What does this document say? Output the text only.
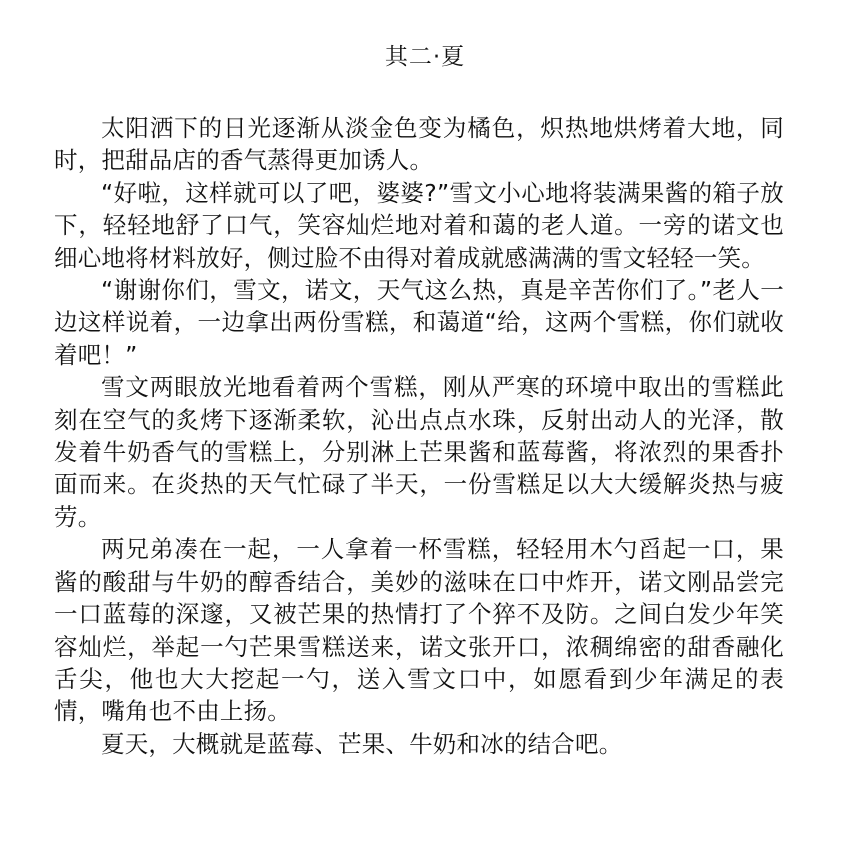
其二·夏

太阳洒下的日光逐渐从淡金色变为橘色，炽热地烘烤着大地，同时，把甜品店的香气蒸得更加诱人。

“好啦，这样就可以了吧，婆婆?”雪文小心地将装满果酱的箱子放下，轻轻地舒了口气，笑容灿烂地对着和蔼的老人道。一旁的诺文也细心地将材料放好，侧过脸不由得对着成就感满满的雪文轻轻一笑。

“谢谢你们，雪文，诺文，天气这么热，真是辛苦你们了。”老人一边这样说着，一边拿出两份雪糕，和蔼道“给，这两个雪糕，你们就收着吧！”

雪文两眼放光地看着两个雪糕，刚从严寒的环境中取出的雪糕此刻在空气的炙烤下逐渐柔软，沁出点点水珠，反射出动人的光泽，散发着牛奶香气的雪糕上，分别淋上芒果酱和蓝莓酱，将浓烈的果香扑面而来。在炎热的天气忙碌了半天，一份雪糕足以大大缓解炎热与疲劳。

两兄弟凑在一起，一人拿着一杯雪糕，轻轻用木勺舀起一口，果酱的酸甜与牛奶的醇香结合，美妙的滋味在口中炸开，诺文刚品尝完一口蓝莓的深邃，又被芒果的热情打了个猝不及防。之间白发少年笑容灿烂，举起一勺芒果雪糕送来，诺文张开口，浓稠绵密的甜香融化舌尖，他也大大挖起一勺，送入雪文口中，如愿看到少年满足的表情，嘴角也不由上扬。

夏天，大概就是蓝莓、芒果、牛奶和冰的结合吧。
